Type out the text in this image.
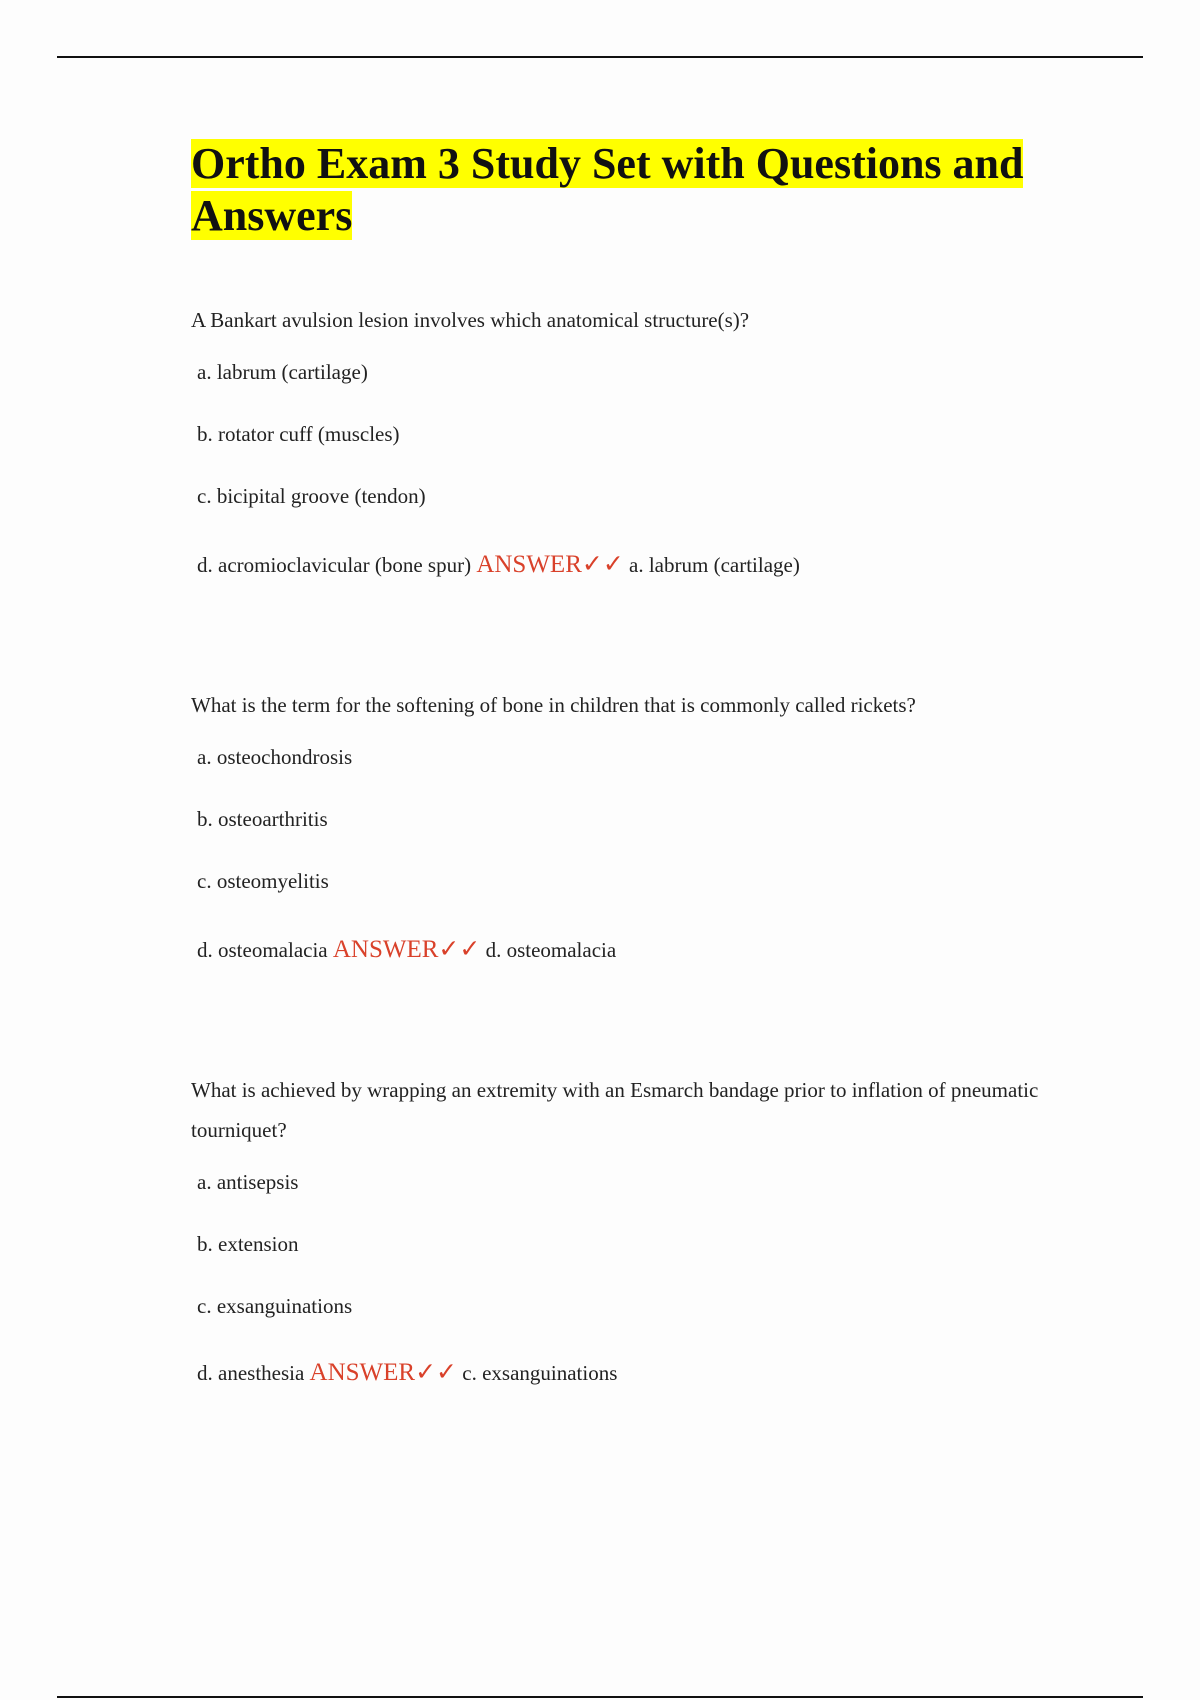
Ortho Exam 3 Study Set with Questions and Answers

A Bankart avulsion lesion involves which anatomical structure(s)?

a. labrum (cartilage)

b. rotator cuff (muscles)

c. bicipital groove (tendon)

d. acromioclavicular (bone spur) ANSWER✓✓ a. labrum (cartilage)

What is the term for the softening of bone in children that is commonly called rickets?

a. osteochondrosis

b. osteoarthritis

c. osteomyelitis

d. osteomalacia ANSWER✓✓ d. osteomalacia

What is achieved by wrapping an extremity with an Esmarch bandage prior to inflation of pneumatic tourniquet?

a. antisepsis

b. extension

c. exsanguinations

d. anesthesia ANSWER✓✓ c. exsanguinations
